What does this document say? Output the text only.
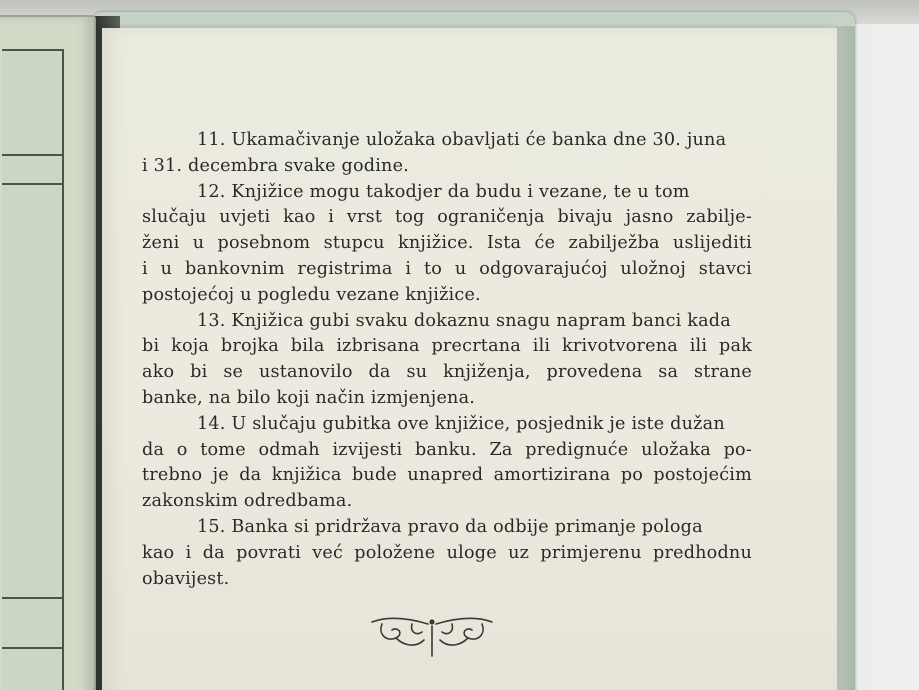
11. Ukamačivanje uložaka obavljati će banka dne 30. juna
i 31. decembra svake godine.

12. Knjižice mogu takodjer da budu i vezane, te u tom
slučaju uvjeti kao i vrst tog ograničenja bivaju jasno zabilje-
ženi u posebnom stupcu knjižice. Ista će zabilježba uslijediti
i u bankovnim registrima i to u odgovarajućoj uložnoj stavci
postojećoj u pogledu vezane knjižice.

13. Knjižica gubi svaku dokaznu snagu napram banci kada
bi koja brojka bila izbrisana precrtana ili krivotvorena ili pak
ako bi se ustanovilo da su knjiženja, provedena sa strane
banke, na bilo koji način izmjenjena.

14. U slučaju gubitka ove knjižice, posjednik je iste dužan
da o tome odmah izvijesti banku. Za predignuće uložaka po-
trebno je da knjižica bude unapred amortizirana po postojećim
zakonskim odredbama.

15. Banka si pridržava pravo da odbije primanje pologa
kao i da povrati već položene uloge uz primjerenu predhodnu
obavijest.
